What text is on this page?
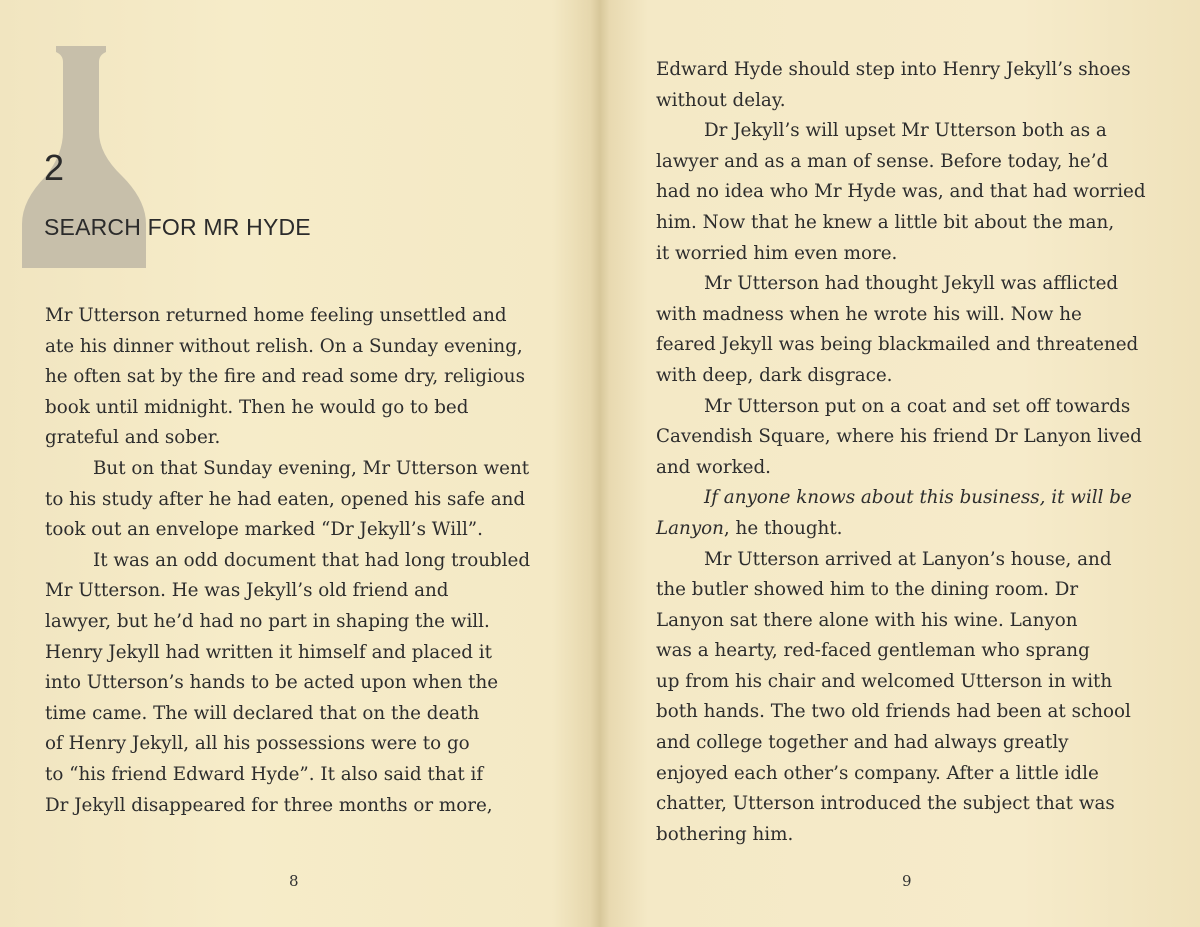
2
SEARCH FOR MR HYDE
Mr Utterson returned home feeling unsettled and
ate his dinner without relish. On a Sunday evening,
he often sat by the fire and read some dry, religious
book until midnight. Then he would go to bed
grateful and sober.
But on that Sunday evening, Mr Utterson went
to his study after he had eaten, opened his safe and
took out an envelope marked “Dr Jekyll’s Will”.
It was an odd document that had long troubled
Mr Utterson. He was Jekyll’s old friend and
lawyer, but he’d had no part in shaping the will.
Henry Jekyll had written it himself and placed it
into Utterson’s hands to be acted upon when the
time came. The will declared that on the death
of Henry Jekyll, all his possessions were to go
to “his friend Edward Hyde”. It also said that if
Dr Jekyll disappeared for three months or more,
8
Edward Hyde should step into Henry Jekyll’s shoes
without delay.
Dr Jekyll’s will upset Mr Utterson both as a
lawyer and as a man of sense. Before today, he’d
had no idea who Mr Hyde was, and that had worried
him. Now that he knew a little bit about the man,
it worried him even more.
Mr Utterson had thought Jekyll was afflicted
with madness when he wrote his will. Now he
feared Jekyll was being blackmailed and threatened
with deep, dark disgrace.
Mr Utterson put on a coat and set off towards
Cavendish Square, where his friend Dr Lanyon lived
and worked.
If anyone knows about this business, it will be
Lanyon, he thought.
Mr Utterson arrived at Lanyon’s house, and
the butler showed him to the dining room. Dr
Lanyon sat there alone with his wine. Lanyon
was a hearty, red-faced gentleman who sprang
up from his chair and welcomed Utterson in with
both hands. The two old friends had been at school
and college together and had always greatly
enjoyed each other’s company. After a little idle
chatter, Utterson introduced the subject that was
bothering him.
9
